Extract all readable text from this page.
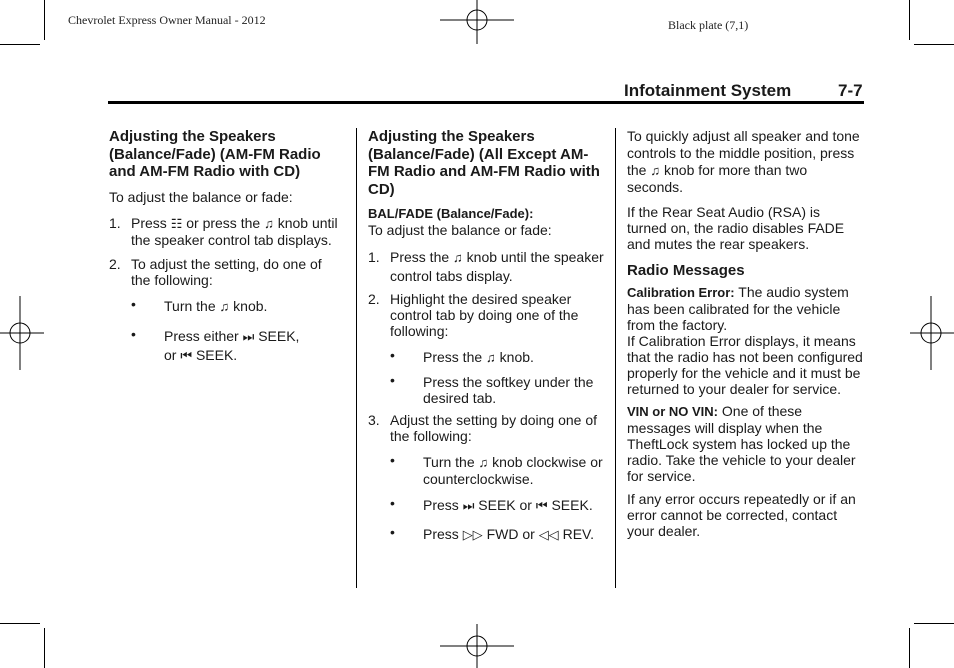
Chevrolet Express Owner Manual - 2012	Black plate (7,1)
Infotainment System	7-7

Adjusting the Speakers (Balance/Fade) (AM-FM Radio and AM-FM Radio with CD)

To adjust the balance or fade:

1. Press ☷ or press the ♫ knob until the speaker control tab displays.
2. To adjust the setting, do one of the following:
• Turn the ♫ knob.
• Press either ⏭ SEEK,
or ⏮ SEEK.

Adjusting the Speakers (Balance/Fade) (All Except AM-FM Radio and AM-FM Radio with CD)

BAL/FADE (Balance/Fade):

To adjust the balance or fade:

1. Press the ♫ knob until the speaker control tabs display.
2. Highlight the desired speaker control tab by doing one of the following:
• Press the ♫ knob.
• Press the softkey under the desired tab.
3. Adjust the setting by doing one of the following:
• Turn the ♫ knob clockwise or counterclockwise.
• Press ⏭ SEEK or ⏮ SEEK.
• Press ▷▷ FWD or ◁◁ REV.

To quickly adjust all speaker and tone controls to the middle position, press the ♫ knob for more than two seconds.

If the Rear Seat Audio (RSA) is turned on, the radio disables FADE and mutes the rear speakers.

Radio Messages

Calibration Error: The audio system has been calibrated for the vehicle from the factory.

If Calibration Error displays, it means that the radio has not been configured properly for the vehicle and it must be returned to your dealer for service.

VIN or NO VIN: One of these messages will display when the TheftLock system has locked up the radio. Take the vehicle to your dealer for service.

If any error occurs repeatedly or if an error cannot be corrected, contact your dealer.
